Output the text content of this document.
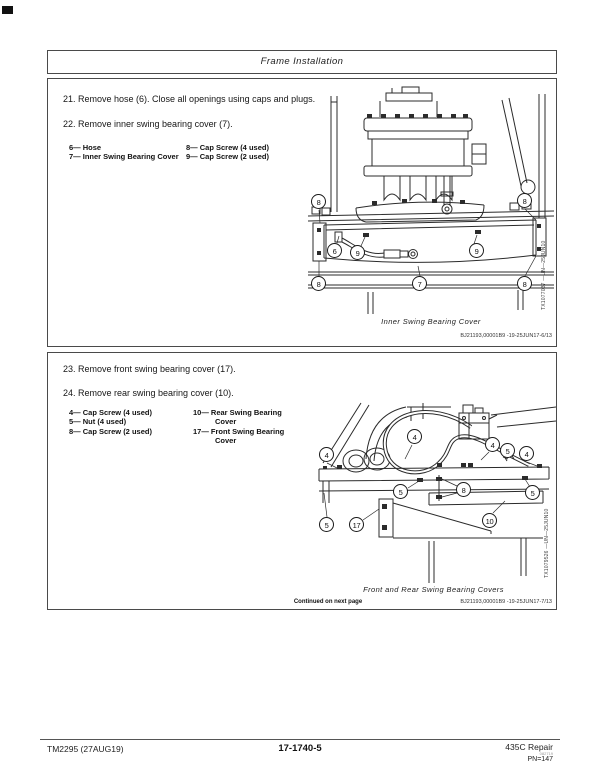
Frame Installation
21. Remove hose (6). Close all openings using caps and plugs.
22. Remove inner swing bearing cover (7).
6— Hose
7— Inner Swing Bearing Cover
8— Cap Screw (4 used)
9— Cap Screw (2 used)
8	8
6	9	9
8	7	8
Inner Swing Bearing Cover
TX1077037 —UN—25JUN10
BJ21193,00001B9 -19-25JUN17-6/13
23. Remove front swing bearing cover (17).
24. Remove rear swing bearing cover (10).
4— Cap Screw (4 used)
5— Nut (4 used)
8— Cap Screw (2 used)
10— Rear Swing Bearing Cover
17— Front Swing Bearing Cover
4
4
4
5	4
5	8	5
5	17	10
Front and Rear Swing Bearing Covers
TX1079526 —UN—25JUN10
Continued on next page	BJ21193,00001B9 -19-25JUN17-7/13
TM2295 (27AUG19)	17-1740-5	435C Repair
082719
PN=147
